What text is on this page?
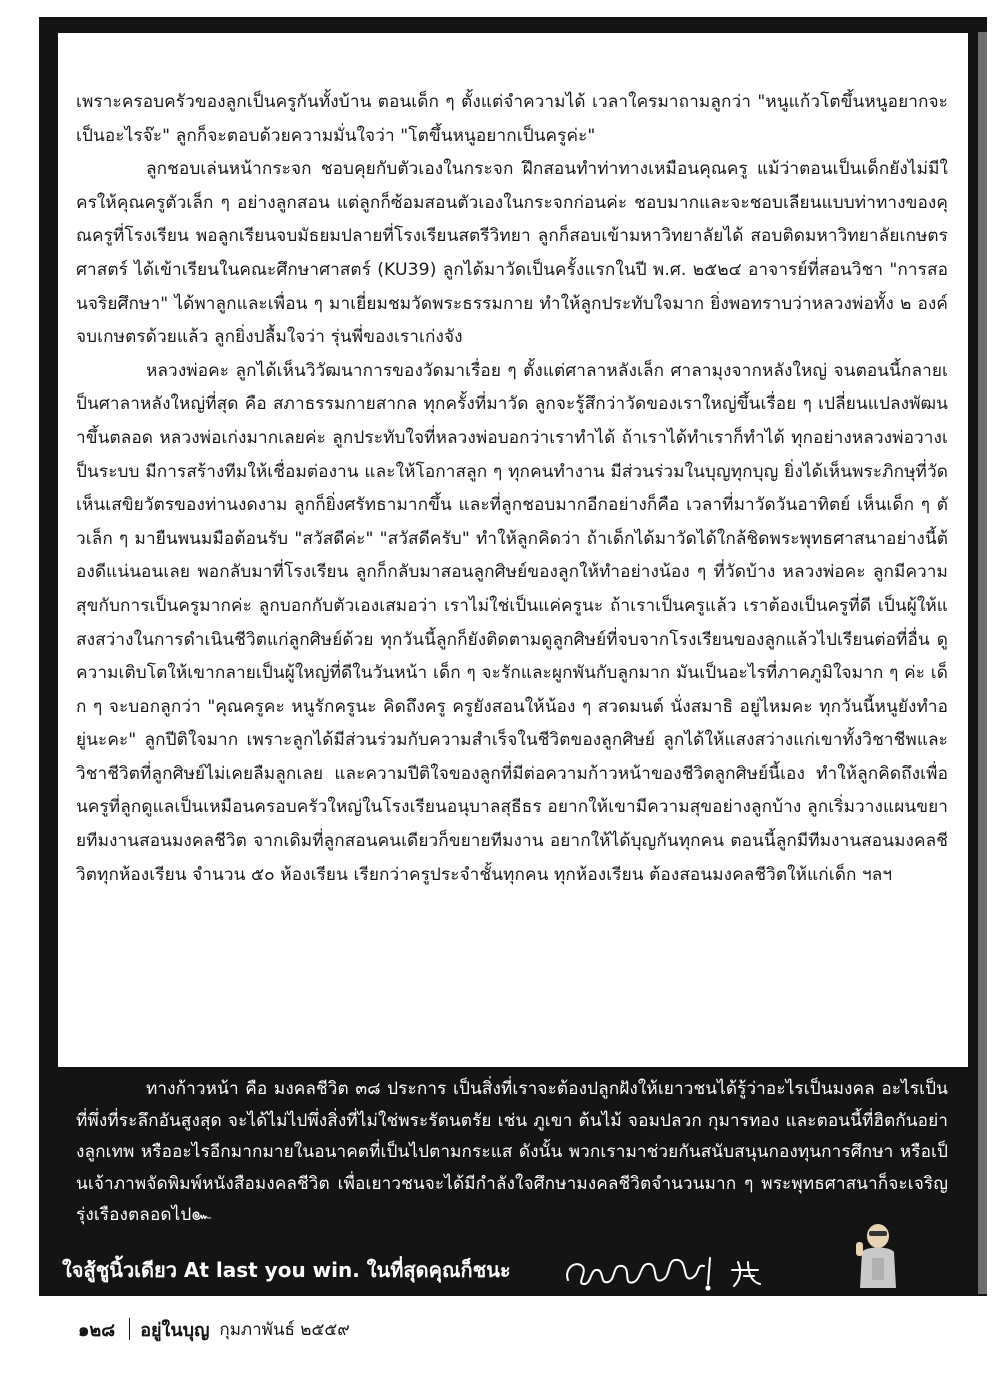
เพราะครอบครัวของลูกเป็นครูกันทั้งบ้าน ตอนเด็ก ๆ ตั้งแต่จำความได้ เวลาใครมาถามลูกว่า "หนูแก้วโตขึ้นหนูอยากจะเป็นอะไรจ๊ะ" ลูกก็จะตอบด้วยความมั่นใจว่า "โตขึ้นหนูอยากเป็นครูค่ะ"

ลูกชอบเล่นหน้ากระจก ชอบคุยกับตัวเองในกระจก ฝึกสอนทำท่าทางเหมือนคุณครู แม้ว่าตอนเป็นเด็กยังไม่มีใครให้คุณครูตัวเล็ก ๆ อย่างลูกสอน แต่ลูกก็ซ้อมสอนตัวเองในกระจกก่อนค่ะ ชอบมากและจะชอบเลียนแบบท่าทางของคุณครูที่โรงเรียน พอลูกเรียนจบมัธยมปลายที่โรงเรียนสตรีวิทยา ลูกก็สอบเข้ามหาวิทยาลัยได้ สอบติดมหาวิทยาลัยเกษตรศาสตร์ ได้เข้าเรียนในคณะศึกษาศาสตร์ (KU39) ลูกได้มาวัดเป็นครั้งแรกในปี พ.ศ. ๒๕๒๔ อาจารย์ที่สอนวิชา "การสอนจริยศึกษา" ได้พาลูกและเพื่อน ๆ มาเยี่ยมชมวัดพระธรรมกาย ทำให้ลูกประทับใจมาก ยิ่งพอทราบว่าหลวงพ่อทั้ง ๒ องค์จบเกษตรด้วยแล้ว ลูกยิ่งปลื้มใจว่า รุ่นพี่ของเราเก่งจัง

หลวงพ่อคะ ลูกได้เห็นวิวัฒนาการของวัดมาเรื่อย ๆ ตั้งแต่ศาลาหลังเล็ก ศาลามุงจากหลังใหญ่ จนตอนนี้กลายเป็นศาลาหลังใหญ่ที่สุด คือ สภาธรรมกายสากล ทุกครั้งที่มาวัด ลูกจะรู้สึกว่าวัดของเราใหญ่ขึ้นเรื่อย ๆ เปลี่ยนแปลงพัฒนาขึ้นตลอด หลวงพ่อเก่งมากเลยค่ะ ลูกประทับใจที่หลวงพ่อบอกว่าเราทำได้ ถ้าเราได้ทำเราก็ทำได้ ทุกอย่างหลวงพ่อวางเป็นระบบ มีการสร้างทีมให้เชื่อมต่องาน และให้โอกาสลูก ๆ ทุกคนทำงาน มีส่วนร่วมในบุญทุกบุญ ยิ่งได้เห็นพระภิกษุที่วัด เห็นเสขิยวัตรของท่านงดงาม ลูกก็ยิ่งศรัทธามากขึ้น และที่ลูกชอบมากอีกอย่างก็คือ เวลาที่มาวัดวันอาทิตย์ เห็นเด็ก ๆ ตัวเล็ก ๆ มายืนพนมมือต้อนรับ "สวัสดีค่ะ" "สวัสดีครับ" ทำให้ลูกคิดว่า ถ้าเด็กได้มาวัดได้ใกล้ชิดพระพุทธศาสนาอย่างนี้ต้องดีแน่นอนเลย พอกลับมาที่โรงเรียน ลูกก็กลับมาสอนลูกศิษย์ของลูกให้ทำอย่างน้อง ๆ ที่วัดบ้าง หลวงพ่อคะ ลูกมีความสุขกับการเป็นครูมากค่ะ ลูกบอกกับตัวเองเสมอว่า เราไม่ใช่เป็นแค่ครูนะ ถ้าเราเป็นครูแล้ว เราต้องเป็นครูที่ดี เป็นผู้ให้แสงสว่างในการดำเนินชีวิตแก่ลูกศิษย์ด้วย ทุกวันนี้ลูกก็ยังติดตามดูลูกศิษย์ที่จบจากโรงเรียนของลูกแล้วไปเรียนต่อที่อื่น ดูความเติบโตให้เขากลายเป็นผู้ใหญ่ที่ดีในวันหน้า เด็ก ๆ จะรักและผูกพันกับลูกมาก มันเป็นอะไรที่ภาคภูมิใจมาก ๆ ค่ะ เด็ก ๆ จะบอกลูกว่า "คุณครูคะ หนูรักครูนะ คิดถึงครู ครูยังสอนให้น้อง ๆ สวดมนต์ นั่งสมาธิ อยู่ไหมคะ ทุกวันนี้หนูยังทำอยู่นะคะ" ลูกปีติใจมาก เพราะลูกได้มีส่วนร่วมกับความสำเร็จในชีวิตของลูกศิษย์ ลูกได้ให้แสงสว่างแก่เขาทั้งวิชาชีพและวิชาชีวิตที่ลูกศิษย์ไม่เคยลืมลูกเลย และความปีติใจของลูกที่มีต่อความก้าวหน้าของชีวิตลูกศิษย์นี้เอง ทำให้ลูกคิดถึงเพื่อนครูที่ลูกดูแลเป็นเหมือนครอบครัวใหญ่ในโรงเรียนอนุบาลสุธีธร อยากให้เขามีความสุขอย่างลูกบ้าง ลูกเริ่มวางแผนขยายทีมงานสอนมงคลชีวิต จากเดิมที่ลูกสอนคนเดียวก็ขยายทีมงาน อยากให้ได้บุญกันทุกคน ตอนนี้ลูกมีทีมงานสอนมงคลชีวิตทุกห้องเรียน จำนวน ๕๐ ห้องเรียน เรียกว่าครูประจำชั้นทุกคน ทุกห้องเรียน ต้องสอนมงคลชีวิตให้แก่เด็ก ฯลฯ

ทางก้าวหน้า คือ มงคลชีวิต ๓๘ ประการ เป็นสิ่งที่เราจะต้องปลูกฝังให้เยาวชนได้รู้ว่าอะไรเป็นมงคล อะไรเป็นที่พึ่งที่ระลึกอันสูงสุด จะได้ไม่ไปพึ่งสิ่งที่ไม่ใช่พระรัตนตรัย เช่น ภูเขา ต้นไม้ จอมปลวก กุมารทอง และตอนนี้ที่ฮิตกันอย่างลูกเทพ หรืออะไรอีกมากมายในอนาคตที่เป็นไปตามกระแส ดังนั้น พวกเรามาช่วยกันสนับสนุนกองทุนการศึกษา หรือเป็นเจ้าภาพจัดพิมพ์หนังสือมงคลชีวิต เพื่อเยาวชนจะได้มีกำลังใจศึกษามงคลชีวิตจำนวนมาก ๆ พระพุทธศาสนาก็จะเจริญรุ่งเรืองตลอดไป๛

ใจสู้ชูนิ้วเดียว At last you win. ในที่สุดคุณก็ชนะ
๑๒๘	อยู่ในบุญ กุมภาพันธ์ ๒๕๕๙
